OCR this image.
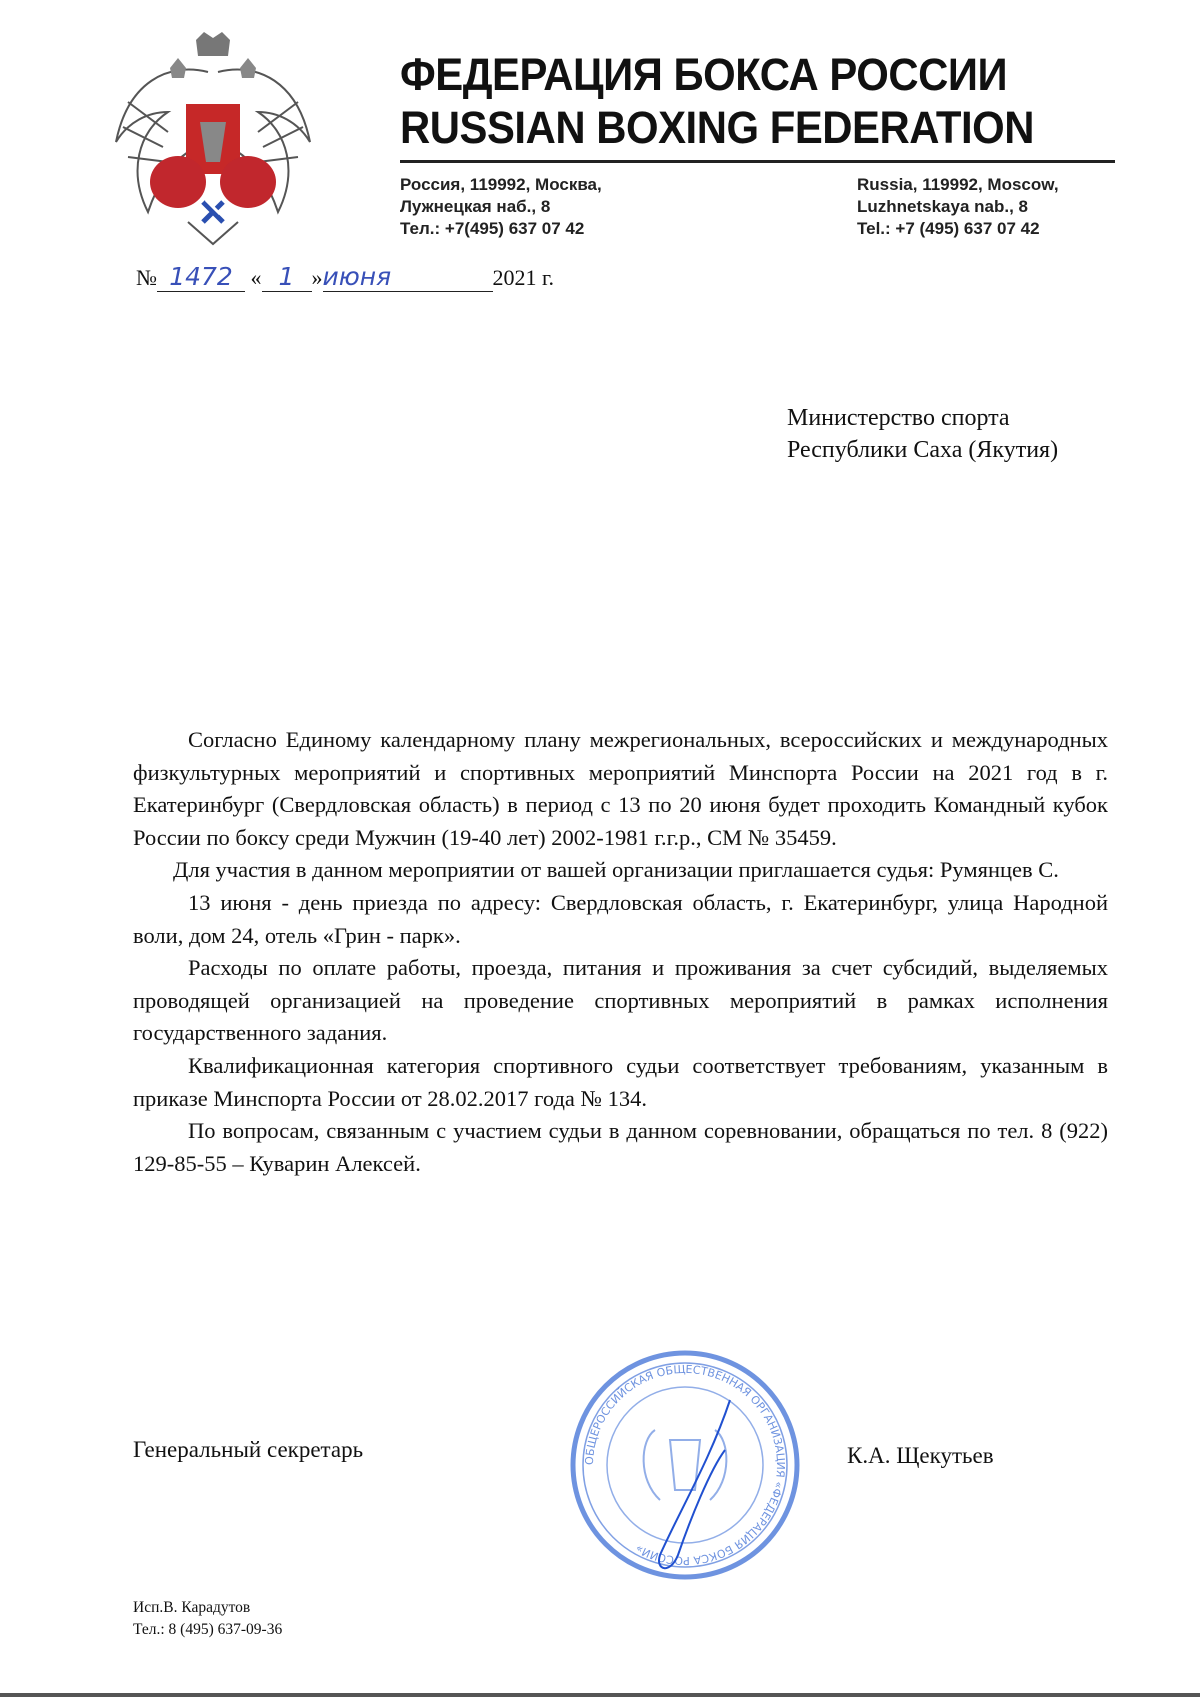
ФЕДЕРАЦИЯ БОКСА РОССИИ
RUSSIAN BOXING FEDERATION
Россия, 119992, Москва,
Лужнецкая наб., 8
Тел.: +7(495) 637 07 42
Russia, 119992, Moscow,
Luzhnetskaya nab., 8
Tel.: +7 (495) 637 07 42
№ 1472 « 1 »июня	2021 г.
Министерство спорта
Республики Саха (Якутия)

Согласно Единому календарному плану межрегиональных, всероссийских и международных физкультурных мероприятий и спортивных мероприятий Минспорта России на 2021 год в г. Екатеринбург (Свердловская область) в период с 13 по 20 июня будет проходить Командный кубок России по боксу среди Мужчин (19-40 лет) 2002-1981 г.г.р., СМ № 35459.

Для участия в данном мероприятии от вашей организации приглашается судья: Румянцев С.

13 июня - день приезда по адресу: Свердловская область, г. Екатеринбург, улица Народной воли, дом 24, отель «Грин - парк».

Расходы по оплате работы, проезда, питания и проживания за счет субсидий, выделяемых проводящей организацией на проведение спортивных мероприятий в рамках исполнения государственного задания.

Квалификационная категория спортивного судьи соответствует требованиям, указанным в приказе Минспорта России от 28.02.2017 года № 134.

По вопросам, связанным с участием судьи в данном соревновании, обращаться по тел. 8 (922) 129-85-55 – Куварин Алексей.

Генеральный секретарь	ОБЩЕРОССИЙСКАЯ ОБЩЕСТВЕННАЯ ОРГАНИЗАЦИЯ «ФЕДЕРАЦИЯ БОКСА РОССИИ»
К.А. Щекутьев
Исп.В. Карадутов
Тел.: 8 (495) 637-09-36
